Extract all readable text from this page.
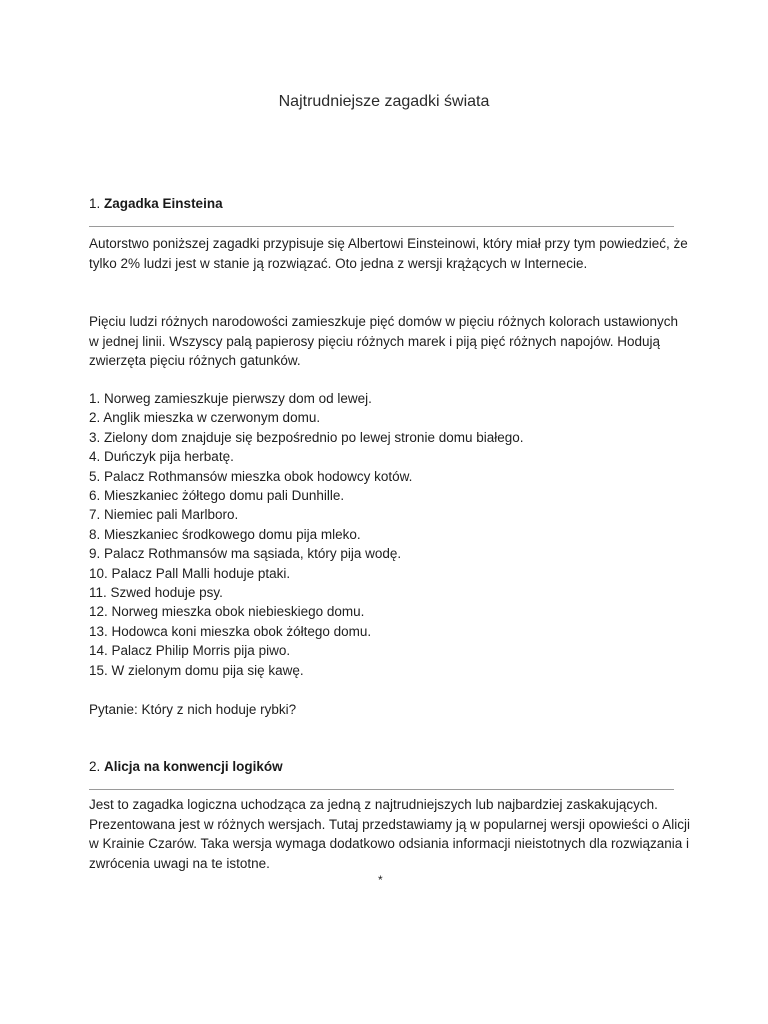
Najtrudniejsze zagadki świata
1. Zagadka Einsteina

Autorstwo poniższej zagadki przypisuje się Albertowi Einsteinowi, który miał przy tym powiedzieć, że tylko 2% ludzi jest w stanie ją rozwiązać. Oto jedna z wersji krążących w Internecie.

Pięciu ludzi różnych narodowości zamieszkuje pięć domów w pięciu różnych kolorach ustawionych w jednej linii. Wszyscy palą papierosy pięciu różnych marek i piją pięć różnych napojów. Hodują zwierzęta pięciu różnych gatunków.

1. Norweg zamieszkuje pierwszy dom od lewej.
2. Anglik mieszka w czerwonym domu.
3. Zielony dom znajduje się bezpośrednio po lewej stronie domu białego.
4. Duńczyk pija herbatę.
5. Palacz Rothmansów mieszka obok hodowcy kotów.
6. Mieszkaniec żółtego domu pali Dunhille.
7. Niemiec pali Marlboro.
8. Mieszkaniec środkowego domu pija mleko.
9. Palacz Rothmansów ma sąsiada, który pija wodę.
10. Palacz Pall Malli hoduje ptaki.
11. Szwed hoduje psy.
12. Norweg mieszka obok niebieskiego domu.
13. Hodowca koni mieszka obok żółtego domu.
14. Palacz Philip Morris pija piwo.
15. W zielonym domu pija się kawę.

Pytanie: Który z nich hoduje rybki?

2. Alicja na konwencji logików

Jest to zagadka logiczna uchodząca za jedną z najtrudniejszych lub najbardziej zaskakujących. Prezentowana jest w różnych wersjach. Tutaj przedstawiamy ją w popularnej wersji opowieści o Alicji w Krainie Czarów. Taka wersja wymaga dodatkowo odsiania informacji nieistotnych dla rozwiązania i zwrócenia uwagi na te istotne.

*
